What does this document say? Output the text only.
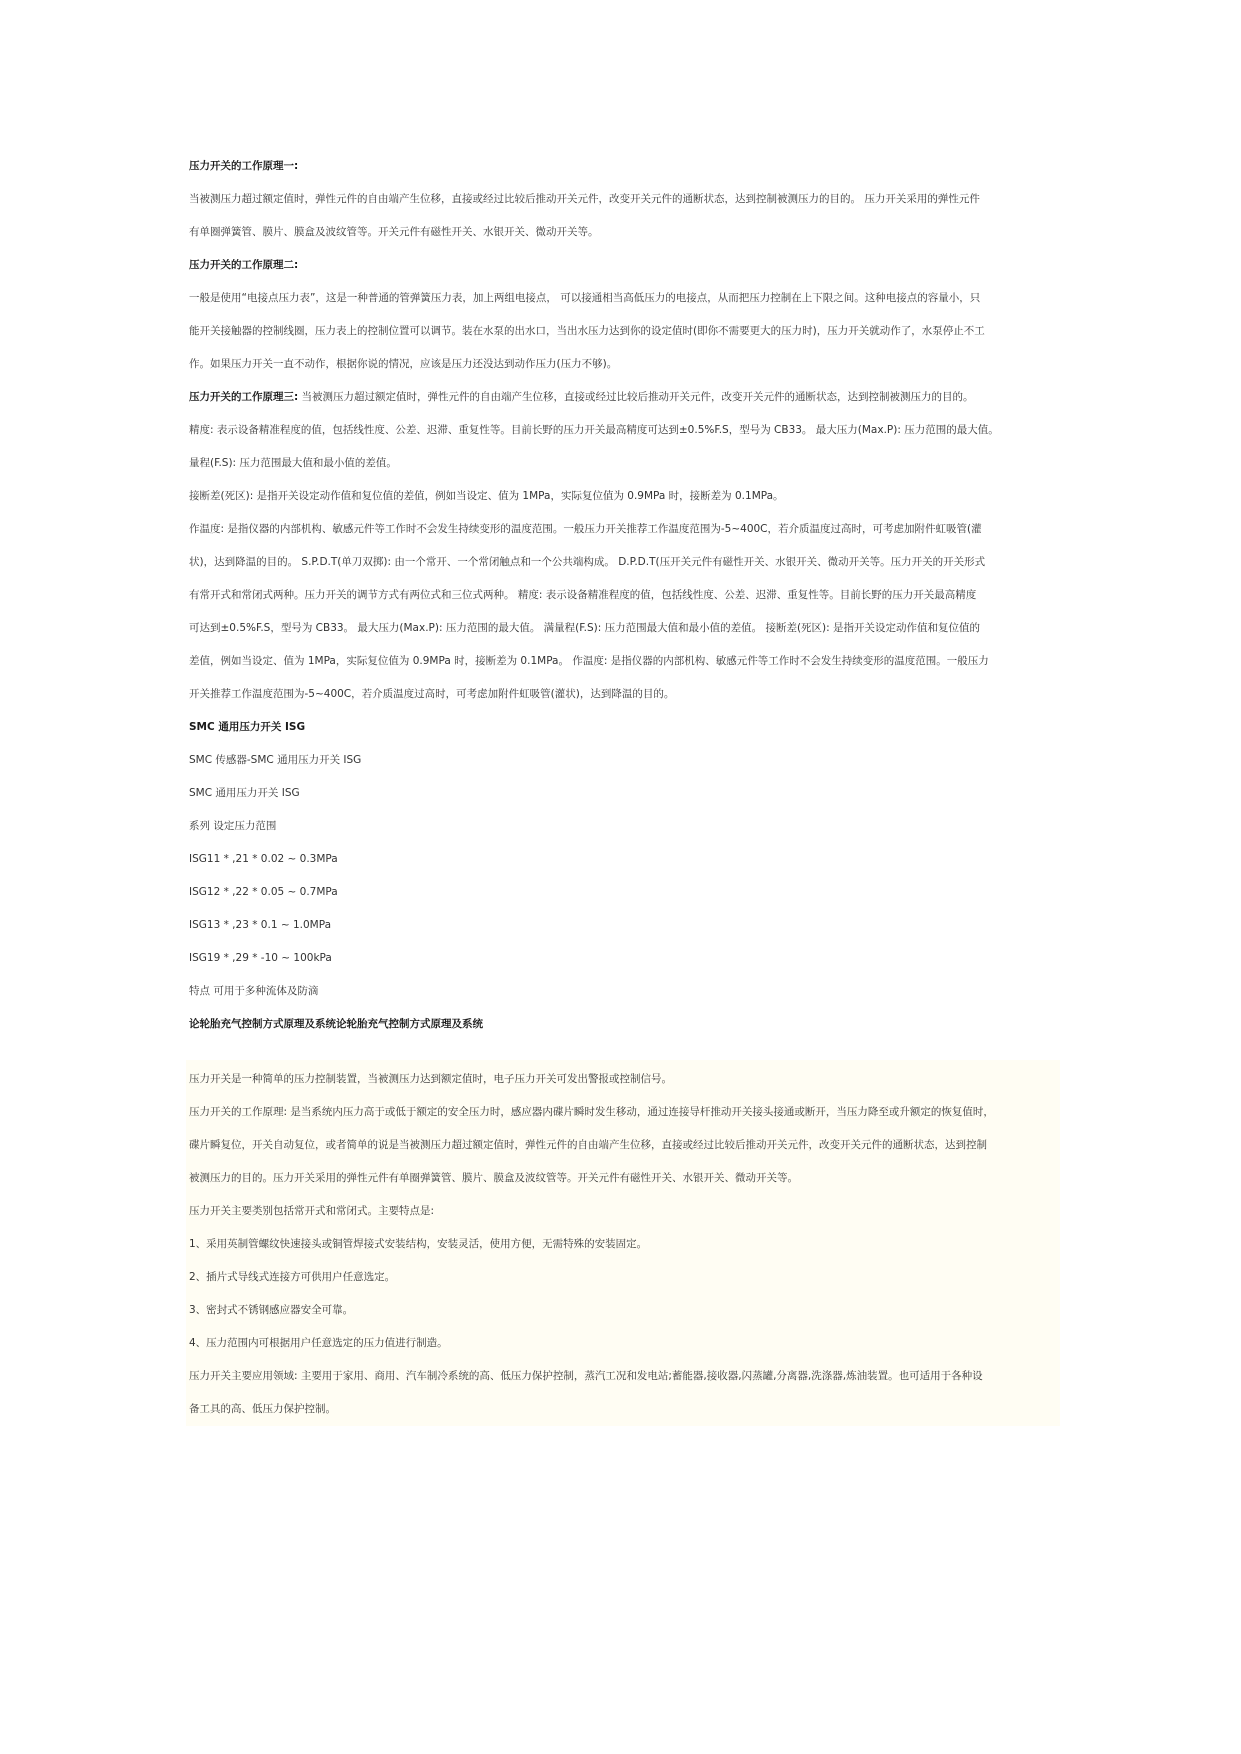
压力开关的工作原理一:
当被测压力超过额定值时，弹性元件的自由端产生位移，直接或经过比较后推动开关元件，改变开关元件的通断状态，达到控制被测压力的目的。 压力开关采用的弹性元件
有单圈弹簧管、膜片、膜盒及波纹管等。开关元件有磁性开关、水银开关、微动开关等。
压力开关的工作原理二:
一般是使用“电接点压力表”，这是一种普通的管弹簧压力表，加上两组电接点， 可以接通相当高低压力的电接点，从而把压力控制在上下限之间。这种电接点的容量小，只
能开关接触器的控制线圈，压力表上的控制位置可以调节。装在水泵的出水口，当出水压力达到你的设定值时(即你不需要更大的压力时)，压力开关就动作了，水泵停止不工
作。如果压力开关一直不动作，根据你说的情况，应该是压力还没达到动作压力(压力不够)。
压力开关的工作原理三: 当被测压力超过额定值时，弹性元件的自由端产生位移，直接或经过比较后推动开关元件，改变开关元件的通断状态，达到控制被测压力的目的。
精度: 表示设备精准程度的值，包括线性度、公差、迟滞、重复性等。目前长野的压力开关最高精度可达到±0.5%F.S，型号为 CB33。 最大压力(Max.P): 压力范围的最大值。
量程(F.S): 压力范围最大值和最小值的差值。
接断差(死区): 是指开关设定动作值和复位值的差值，例如当设定、值为 1MPa，实际复位值为 0.9MPa 时，接断差为 0.1MPa。
作温度: 是指仪器的内部机构、敏感元件等工作时不会发生持续变形的温度范围。一般压力开关推荐工作温度范围为-5~400C，若介质温度过高时，可考虑加附件虹吸管(灌
状)，达到降温的目的。 S.P.D.T(单刀双掷): 由一个常开、一个常闭触点和一个公共端构成。 D.P.D.T(压开关元件有磁性开关、水银开关、微动开关等。压力开关的开关形式
有常开式和常闭式两种。压力开关的调节方式有两位式和三位式两种。 精度: 表示设备精准程度的值，包括线性度、公差、迟滞、重复性等。目前长野的压力开关最高精度
可达到±0.5%F.S，型号为 CB33。 最大压力(Max.P): 压力范围的最大值。 满量程(F.S): 压力范围最大值和最小值的差值。 接断差(死区): 是指开关设定动作值和复位值的
差值，例如当设定、值为 1MPa，实际复位值为 0.9MPa 时，接断差为 0.1MPa。 作温度: 是指仪器的内部机构、敏感元件等工作时不会发生持续变形的温度范围。一般压力
开关推荐工作温度范围为-5~400C，若介质温度过高时，可考虑加附件虹吸管(灌状)，达到降温的目的。
SMC 通用压力开关 ISG
SMC 传感器-SMC 通用压力开关 ISG
SMC 通用压力开关 ISG
系列 设定压力范围
ISG11 * ,21 * 0.02 ~ 0.3MPa
ISG12 * ,22 * 0.05 ~ 0.7MPa
ISG13 * ,23 * 0.1 ~ 1.0MPa
ISG19 * ,29 * -10 ~ 100kPa
特点 可用于多种流体及防滴
论轮胎充气控制方式原理及系统论轮胎充气控制方式原理及系统
压力开关是一种简单的压力控制装置，当被测压力达到额定值时，电子压力开关可发出警报或控制信号。
压力开关的工作原理: 是当系统内压力高于或低于额定的安全压力时，感应器内碟片瞬时发生移动，通过连接导杆推动开关接头接通或断开，当压力降至或升额定的恢复值时，
碟片瞬复位，开关自动复位，或者简单的说是当被测压力超过额定值时，弹性元件的自由端产生位移，直接或经过比较后推动开关元件，改变开关元件的通断状态，达到控制
被测压力的目的。压力开关采用的弹性元件有单圈弹簧管、膜片、膜盒及波纹管等。开关元件有磁性开关、水银开关、微动开关等。
压力开关主要类别包括常开式和常闭式。主要特点是:
1、采用英制管螺纹快速接头或铜管焊接式安装结构，安装灵活，使用方便，无需特殊的安装固定。
2、插片式导线式连接方可供用户任意选定。
3、密封式不锈钢感应器安全可靠。
4、压力范围内可根据用户任意选定的压力值进行制造。
压力开关主要应用领域: 主要用于家用、商用、汽车制冷系统的高、低压力保护控制，蒸汽工况和发电站;蓄能器,接收器,闪蒸罐,分离器,洗涤器,炼油装置。也可适用于各种设
备工具的高、低压力保护控制。
